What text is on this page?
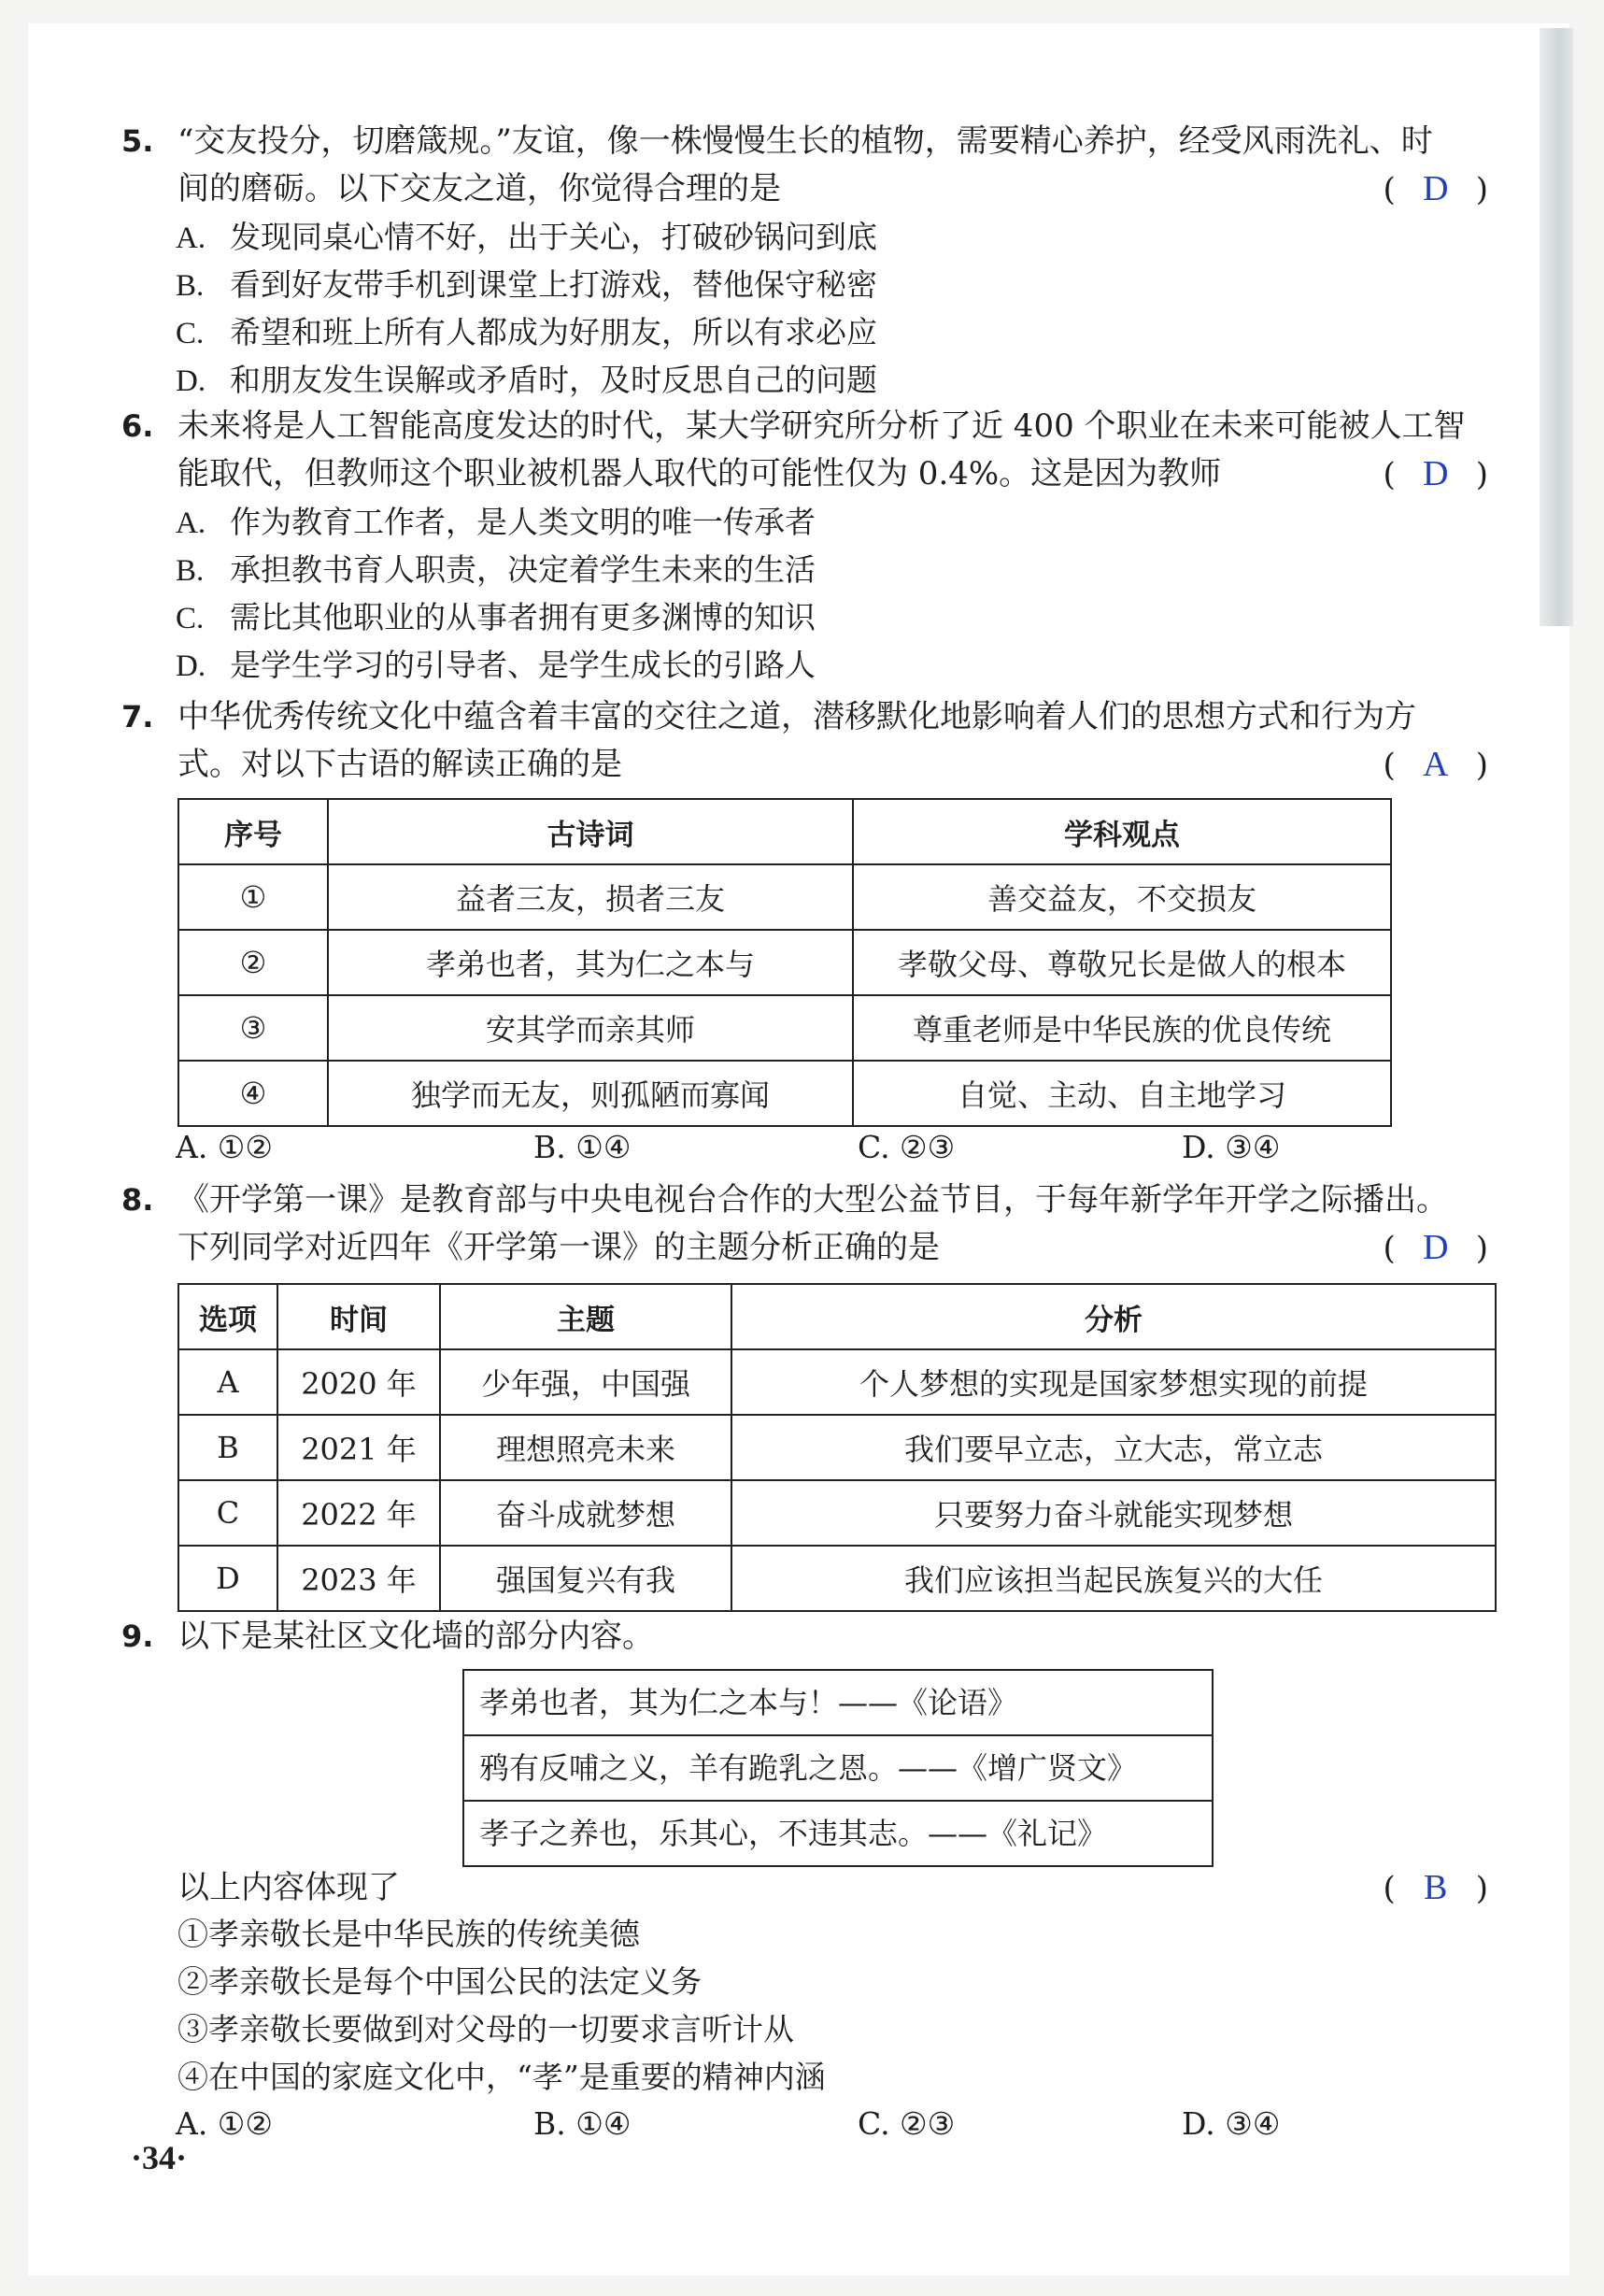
5. “交友投分，切磨箴规。”友谊，像一株慢慢生长的植物，需要精心养护，经受风雨洗礼、时
间的磨砺。以下交友之道，你觉得合理的是	( D )
A. 发现同桌心情不好，出于关心，打破砂锅问到底
B. 看到好友带手机到课堂上打游戏，替他保守秘密
C. 希望和班上所有人都成为好朋友，所以有求必应
D. 和朋友发生误解或矛盾时，及时反思自己的问题
6. 未来将是人工智能高度发达的时代，某大学研究所分析了近 400 个职业在未来可能被人工智
能取代，但教师这个职业被机器人取代的可能性仅为 0.4%。这是因为教师	( D )
A. 作为教育工作者，是人类文明的唯一传承者
B. 承担教书育人职责，决定着学生未来的生活
C. 需比其他职业的从事者拥有更多渊博的知识
D. 是学生学习的引导者、是学生成长的引路人
7. 中华优秀传统文化中蕴含着丰富的交往之道，潜移默化地影响着人们的思想方式和行为方
式。对以下古语的解读正确的是	( A )
序号	古诗词	学科观点
①	益者三友，损者三友	善交益友，不交损友
②	孝弟也者，其为仁之本与	孝敬父母、尊敬兄长是做人的根本
③	安其学而亲其师	尊重老师是中华民族的优良传统
④	独学而无友，则孤陋而寡闻	自觉、主动、自主地学习
A. ①②	B. ①④	C. ②③	D. ③④
8. 《开学第一课》是教育部与中央电视台合作的大型公益节目，于每年新学年开学之际播出。
下列同学对近四年《开学第一课》的主题分析正确的是	( D )
选项	时间	主题	分析
A	2020 年	少年强，中国强	个人梦想的实现是国家梦想实现的前提
B	2021 年	理想照亮未来	我们要早立志，立大志，常立志
C	2022 年	奋斗成就梦想	只要努力奋斗就能实现梦想
D	2023 年	强国复兴有我	我们应该担当起民族复兴的大任
9. 以下是某社区文化墙的部分内容。
孝弟也者，其为仁之本与！——《论语》
鸦有反哺之义，羊有跪乳之恩。——《增广贤文》
孝子之养也，乐其心，不违其志。——《礼记》
以上内容体现了	( B )
①孝亲敬长是中华民族的传统美德
②孝亲敬长是每个中国公民的法定义务
③孝亲敬长要做到对父母的一切要求言听计从
④在中国的家庭文化中，“孝”是重要的精神内涵
A. ①②	B. ①④	C. ②③	D. ③④
·34·
